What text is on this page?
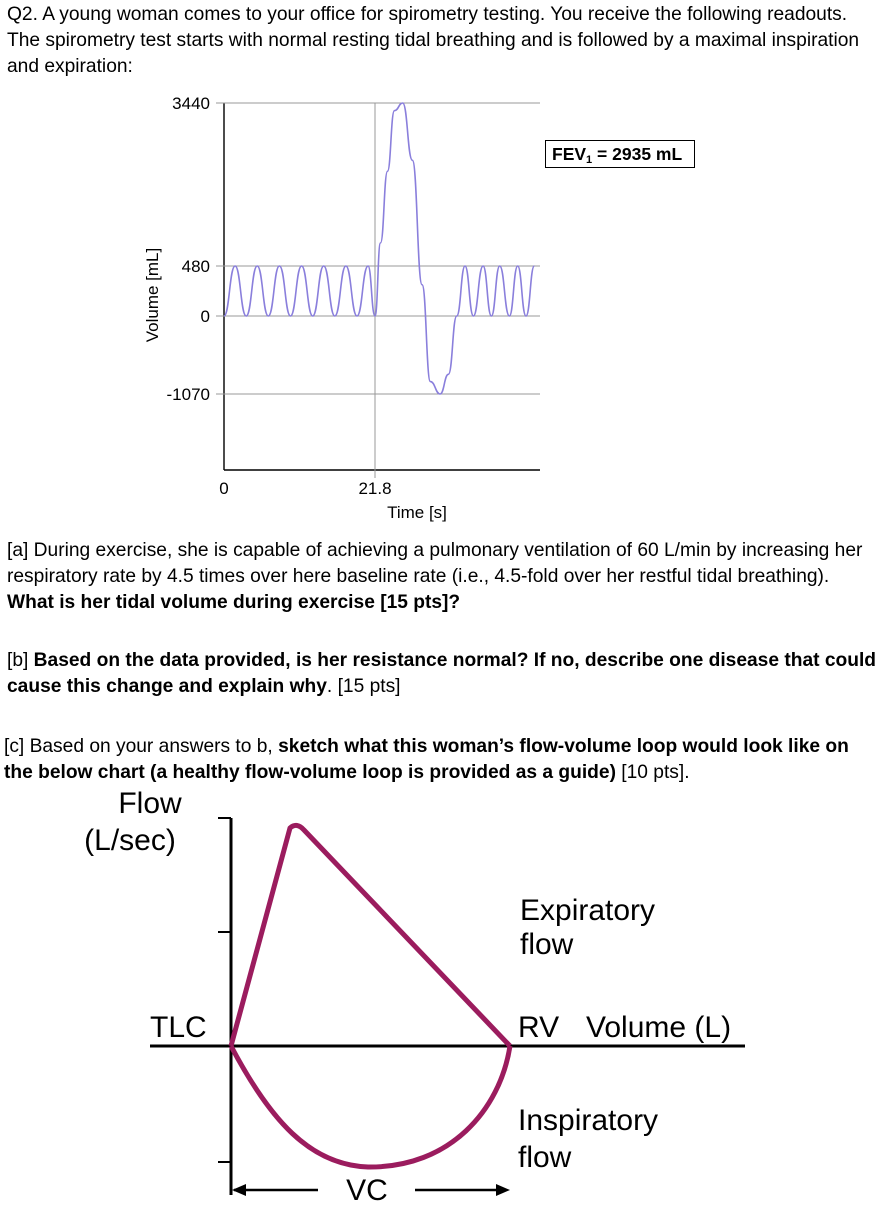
Q2. A young woman comes to your office for spirometry testing. You receive the following readouts. The spirometry test starts with normal resting tidal breathing and is followed by a maximal inspiration and expiration:
3440
480
0
-1070
0	21.8
Volume [mL]
Time [s]
$FEV_1 = 2935$ mL
[a] During exercise, she is capable of achieving a pulmonary ventilation of 60 L/min by increasing her respiratory rate by 4.5 times over here baseline rate (i.e., 4.5-fold over her restful tidal breathing). What is her tidal volume during exercise [15 pts]?
[b] Based on the data provided, is her resistance normal? If no, describe one disease that could cause this change and explain why. [15 pts]
[c] Based on your answers to b, sketch what this woman’s flow-volume loop would look like on the below chart (a healthy flow-volume loop is provided as a guide) [10 pts].
Flow
(L/sec)
Expiratory
flow
TLC	RV Volume (L)
Inspiratory
flow
VC
